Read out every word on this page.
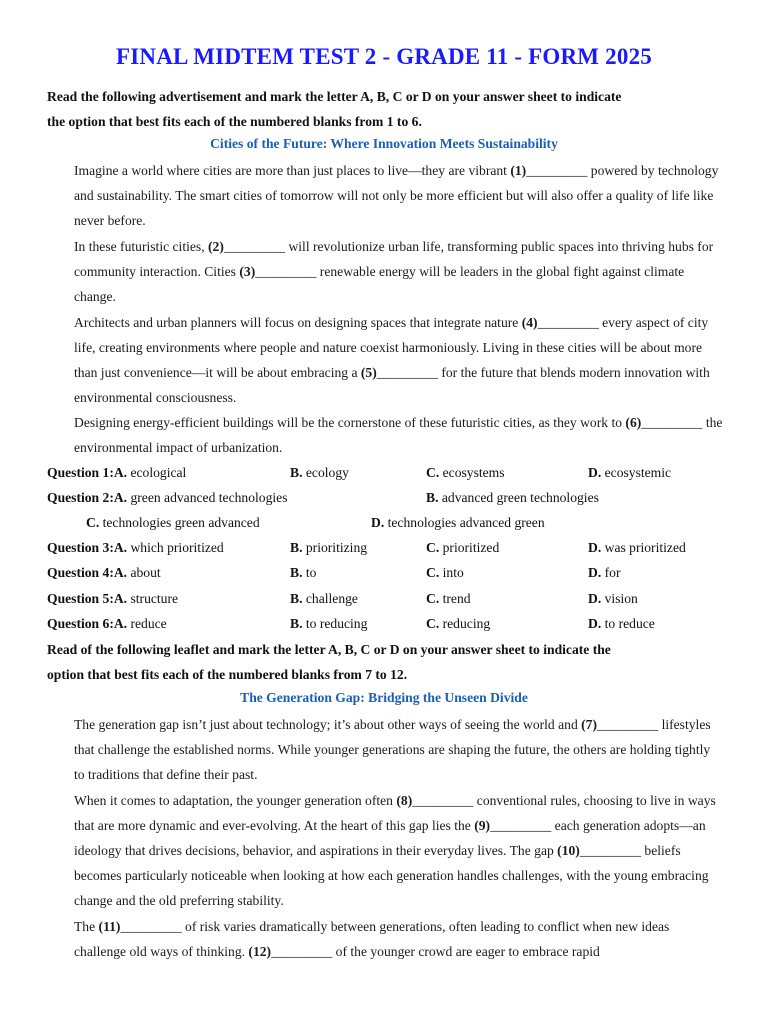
FINAL MIDTEM TEST 2 - GRADE 11 - FORM 2025
Read the following advertisement and mark the letter A, B, C or D on your answer sheet to indicate
the option that best fits each of the numbered blanks from 1 to 6.
Cities of the Future: Where Innovation Meets Sustainability
Imagine a world where cities are more than just places to live—they are vibrant (1)_________ powered by technology and sustainability. The smart cities of tomorrow will not only be more efficient but will also offer a quality of life like never before.
In these futuristic cities, (2)_________ will revolutionize urban life, transforming public spaces into thriving hubs for community interaction. Cities (3)_________ renewable energy will be leaders in the global fight against climate change.
Architects and urban planners will focus on designing spaces that integrate nature (4)_________ every aspect of city life, creating environments where people and nature coexist harmoniously. Living in these cities will be about more than just convenience—it will be about embracing a (5)_________ for the future that blends modern innovation with environmental consciousness.
Designing energy-efficient buildings will be the cornerstone of these futuristic cities, as they work to (6)_________ the environmental impact of urbanization.
Question 1:A. ecological	B. ecology	C. ecosystems	D. ecosystemic
Question 2:A. green advanced technologies	B. advanced green technologies
C. technologies green advanced	D. technologies advanced green
Question 3:A. which prioritized	B. prioritizing	C. prioritized	D. was prioritized
Question 4:A. about	B. to	C. into	D. for
Question 5:A. structure	B. challenge	C. trend	D. vision
Question 6:A. reduce	B. to reducing	C. reducing	D. to reduce
Read of the following leaflet and mark the letter A, B, C or D on your answer sheet to indicate the
option that best fits each of the numbered blanks from 7 to 12.
The Generation Gap: Bridging the Unseen Divide
The generation gap isn’t just about technology; it’s about other ways of seeing the world and (7)_________ lifestyles that challenge the established norms. While younger generations are shaping the future, the others are holding tightly to traditions that define their past.
When it comes to adaptation, the younger generation often (8)_________ conventional rules, choosing to live in ways that are more dynamic and ever-evolving. At the heart of this gap lies the (9)_________ each generation adopts—an ideology that drives decisions, behavior, and aspirations in their everyday lives. The gap (10)_________ beliefs becomes particularly noticeable when looking at how each generation handles challenges, with the young embracing change and the old preferring stability.
The (11)_________ of risk varies dramatically between generations, often leading to conflict when new ideas challenge old ways of thinking. (12)_________ of the younger crowd are eager to embrace rapid
